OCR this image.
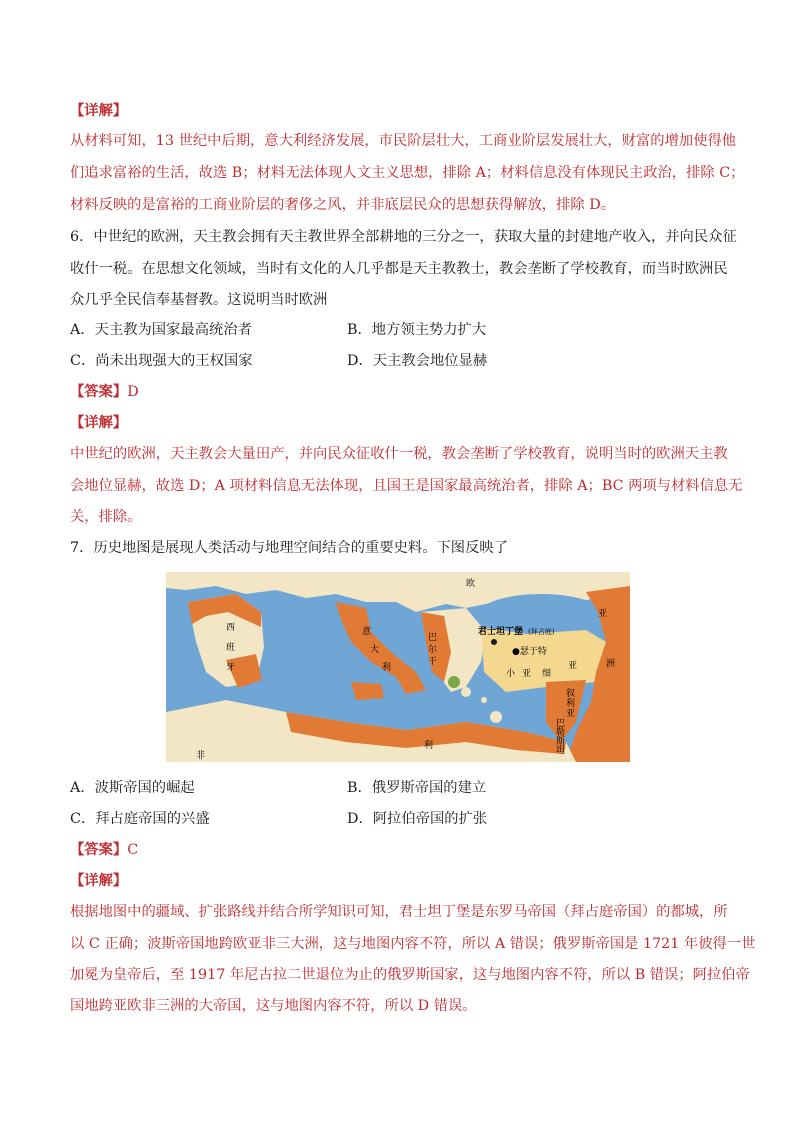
【详解】
从材料可知，13 世纪中后期，意大利经济发展，市民阶层壮大，工商业阶层发展壮大，财富的增加使得他
们追求富裕的生活，故选 B；材料无法体现人文主义思想，排除 A；材料信息没有体现民主政治，排除 C；
材料反映的是富裕的工商业阶层的奢侈之风，并非底层民众的思想获得解放，排除 D。
6．中世纪的欧洲，天主教会拥有天主教世界全部耕地的三分之一，获取大量的封建地产收入，并向民众征
收什一税。在思想文化领域，当时有文化的人几乎都是天主教教士，教会垄断了学校教育，而当时欧洲民
众几乎全民信奉基督教。这说明当时欧洲
A．天主教为国家最高统治者	B．地方领主势力扩大
C．尚未出现强大的王权国家	D．天主教会地位显赫
【答案】D
【详解】
中世纪的欧洲，天主教会大量田产，并向民众征收什一税，教会垄断了学校教育，说明当时的欧洲天主教
会地位显赫，故选 D；A 项材料信息无法体现，且国王是国家最高统治者，排除 A；BC 两项与材料信息无
关，排除。
7．历史地图是展现人类活动与地理空间结合的重要史料。下图反映了
欧
洲
西
班
牙
意
大
利
巴
尔
干
君士坦丁堡 (拜占庭)
●瑟于特
小 亚 细
亚
亚
叙
利
亚
巴
勒
斯
坦
非
利
A．波斯帝国的崛起	B．俄罗斯帝国的建立
C．拜占庭帝国的兴盛	D．阿拉伯帝国的扩张
【答案】C
【详解】
根据地图中的疆域、扩张路线并结合所学知识可知，君士坦丁堡是东罗马帝国（拜占庭帝国）的都城，所
以 C 正确；波斯帝国地跨欧亚非三大洲，这与地图内容不符，所以 A 错误；俄罗斯帝国是 1721 年彼得一世
加冕为皇帝后，至 1917 年尼古拉二世退位为止的俄罗斯国家，这与地图内容不符，所以 B 错误；阿拉伯帝
国地跨亚欧非三洲的大帝国，这与地图内容不符，所以 D 错误。
